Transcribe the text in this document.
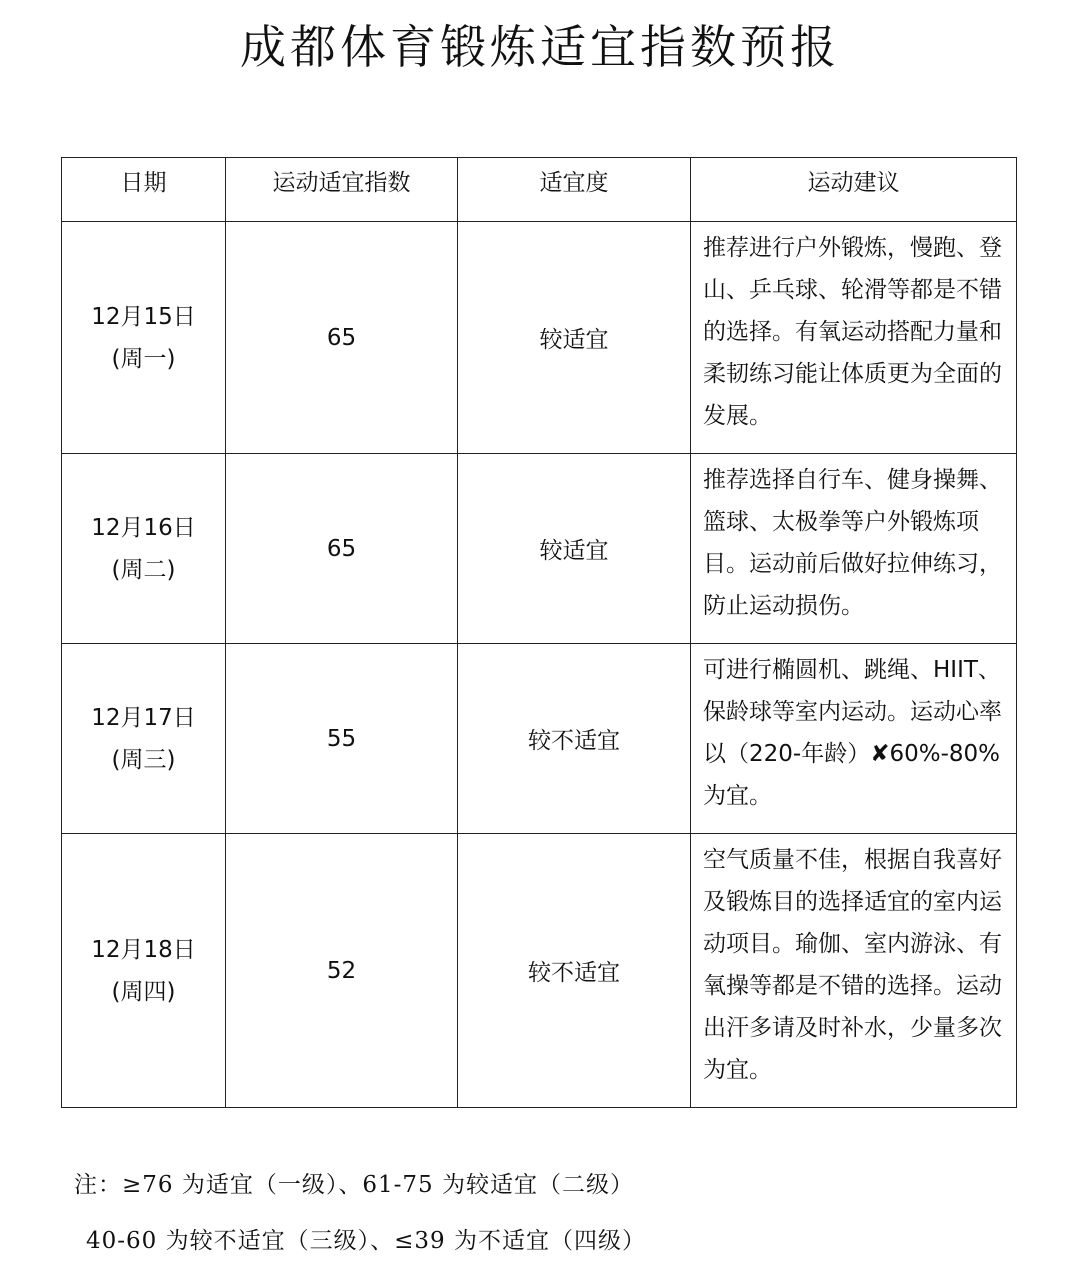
成都体育锻炼适宜指数预报
日期	运动适宜指数	适宜度	运动建议

12月15日
(周一)	65	较适宜	推荐进行户外锻炼，慢跑、登山、乒乓球、轮滑等都是不错的选择。有氧运动搭配力量和柔韧练习能让体质更为全面的发展。

12月16日
(周二)	65	较适宜	推荐选择自行车、健身操舞、篮球、太极拳等户外锻炼项目。运动前后做好拉伸练习，防止运动损伤。

12月17日
(周三)	55	较不适宜	可进行椭圆机、跳绳、HIIT、保龄球等室内运动。运动心率以（220-年龄）✘60%-80%为宜。

12月18日
(周四)	52	较不适宜	空气质量不佳，根据自我喜好及锻炼目的选择适宜的室内运动项目。瑜伽、室内游泳、有氧操等都是不错的选择。运动出汗多请及时补水，少量多次为宜。
注：≥76 为适宜（一级）、61-75 为较适宜（二级）
40-60 为较不适宜（三级）、≤39 为不适宜（四级）
